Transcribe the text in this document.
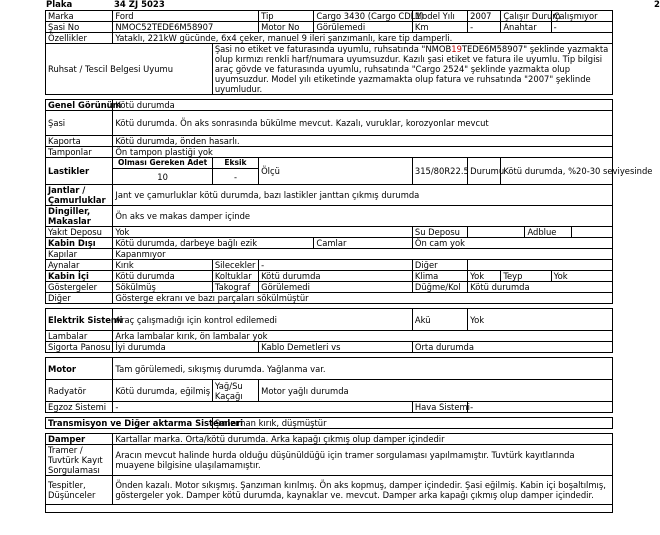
Plaka	34 ZJ 5023	2
Marka	Ford		Tip	Cargo 3430 (Cargo CDL1)	Model Yılı	2007	Çalışır Durum		Çalışmıyor	
Şasi No	NMOC52TEDE6M58907		Motor No	Görülemedi	Km	-	Anahtar		-	
Özellikler	Yataklı, 221kW gücünde, 6x4 çeker, manuel 9 ileri şanzımanlı, kare tip damperli.									
Ruhsat / Tescil Belgesi Uyumu		Şasi no etiket ve faturasında uyumlu, ruhsatında "NMOB19TEDE6M58907" şeklinde yazmakta olup kırmızı renkli harf/numara uyumsuzdur. Kazılı şasi etiket ve fatura ile uyumlu. Tip bilgisi araç gövde ve faturasında uyumlu, ruhsatında "Cargo 2524" şeklinde yazmakta olup uyumsuzdur. Model yılı etiketinde yazmamakta olup fatura ve ruhsatında "2007" şeklinde uyumludur.								

Genel Görünüm	Kötü durumda									
Şasi	Kötü durumda. Ön aks sonrasında bükülme mevcut. Kazalı, vuruklar, korozyonlar mevcut									
Kaporta	Kötü durumda, önden hasarlı.									
Tamponlar	Ön tampon plastiği yok									
Lastikler	Olması Gereken Adet	Eksik	Ölçü		315/80R22.5	Durumu	Kötü durumda, %20-30 seviyesinde			
	10	-								
Jantlar / Çamurluklar	Jant ve çamurluklar kötü durumda, bazı lastikler janttan çıkmış durumda									
Dingiller, Makaslar	Ön aks ve makas damper içinde									
Yakıt Deposu	Yok				Su Deposu			Adblue		
Kabin Dışı	Kötü durumda, darbeye bağlı ezik			Camlar	Ön cam yok					
Kapılar	Kapanmıyor									
Aynalar	Kırık	Silecekler	-		Diğer					
Kabin İçi	Kötü durumda	Koltuklar	Kötü durumda		Klima	Yok	Teyp		Yok	
Göstergeler	Sökülmüş	Takograf	Görülemedi		Düğme/Kol	Kötü durumda				
Diğer	Gösterge ekranı ve bazı parçaları sökülmüştür									

Elektrik Sistemi	Araç çalışmadığı için kontrol edilemedi				Akü	Yok				
Lambalar	Arka lambalar kırık, ön lambalar yok									
Sigorta Panosu	İyi durumda		Kablo Demetleri vs		Orta durumda					

Motor	Tam görülemedi, sıkışmış durumda. Yağlanma var.									
Radyatör	Kötü durumda, eğilmiş	Yağ/Su Kaçağı	Motor yağlı durumda							
Egzoz Sistemi	-				Hava Sistemi	-				

Transmisyon ve Diğer aktarma Sistemleri		Şanzıman kırık, düşmüştür								

Damper	Kartallar marka. Orta/kötü durumda. Arka kapağı çıkmış olup damper içindedir									
Tramer / Tuvtürk Kayıt Sorgulaması	Aracın mevcut halinde hurda olduğu düşünüldüğü için tramer sorgulaması yapılmamıştır. Tuvtürk kayıtlarında muayene bilgisine ulaşılamamıştır.									
Tespitler, Düşünceler	Önden kazalı. Motor sıkışmış. Şanzıman kırılmış. Ön aks kopmuş, damper içindedir. Şasi eğilmiş. Kabin içi boşaltılmış, göstergeler yok. Damper kötü durumda, kaynaklar ve. mevcut. Damper arka kapağı çıkmış olup damper içindedir.									
